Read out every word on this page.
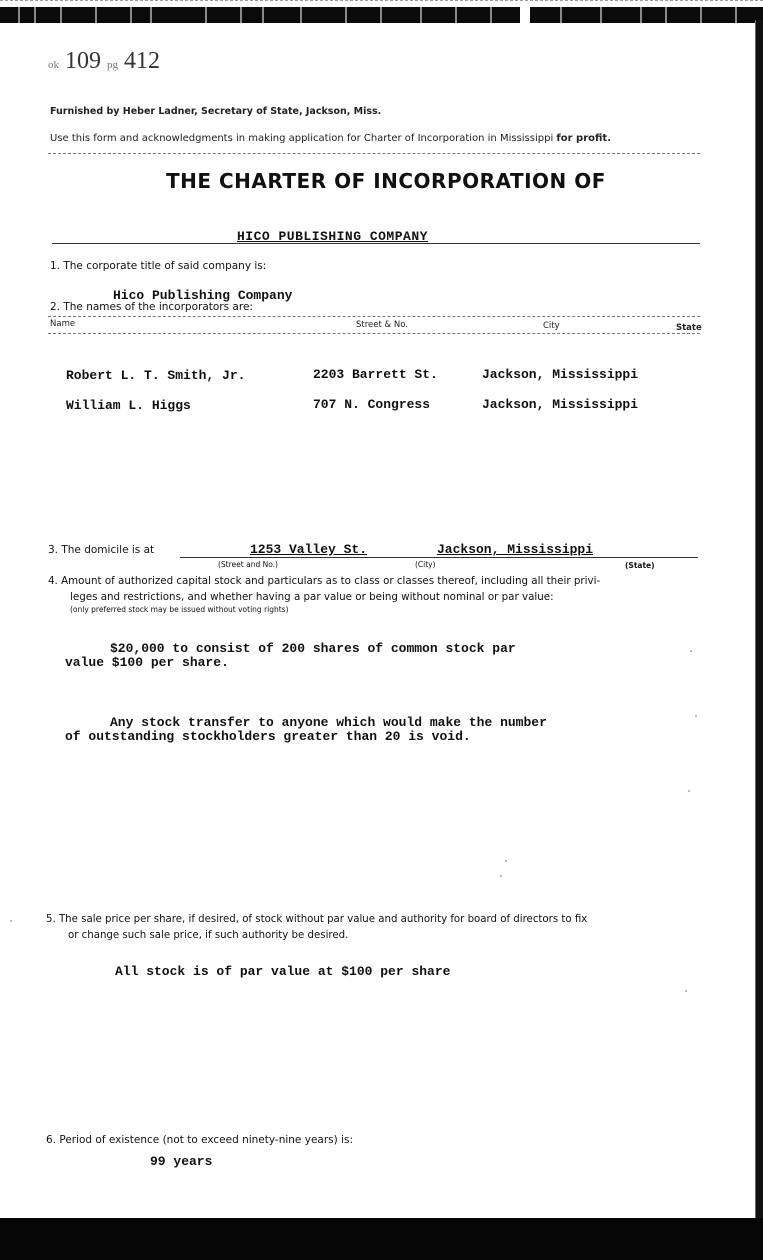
ok 109 pg 412
Furnished by Heber Ladner, Secretary of State, Jackson, Miss.
Use this form and acknowledgments in making application for Charter of Incorporation in Mississippi for profit.
THE CHARTER OF INCORPORATION OF
HICO PUBLISHING COMPANY
1. The corporate title of said company is:
Hico Publishing Company
2. The names of the incorporators are:
Name	Street & No.	City	State
Robert L. T. Smith, Jr.	2203 Barrett St.	Jackson, Mississippi
William L. Higgs	707 N. Congress	Jackson, Mississippi
3. The domicile is at	1253 Valley St.	Jackson, Mississippi
(Street and No.)	(City)	(State)
4. Amount of authorized capital stock and particulars as to class or classes thereof, including all their privi-
leges and restrictions, and whether having a par value or being without nominal or par value:
(only preferred stock may be issued without voting rights)
$20,000 to consist of 200 shares of common stock par
value $100 per share.
Any stock transfer to anyone which would make the number
of outstanding stockholders greater than 20 is void.
5. The sale price per share, if desired, of stock without par value and authority for board of directors to fix
or change such sale price, if such authority be desired.
All stock is of par value at $100 per share
6. Period of existence (not to exceed ninety-nine years) is:
99 years
